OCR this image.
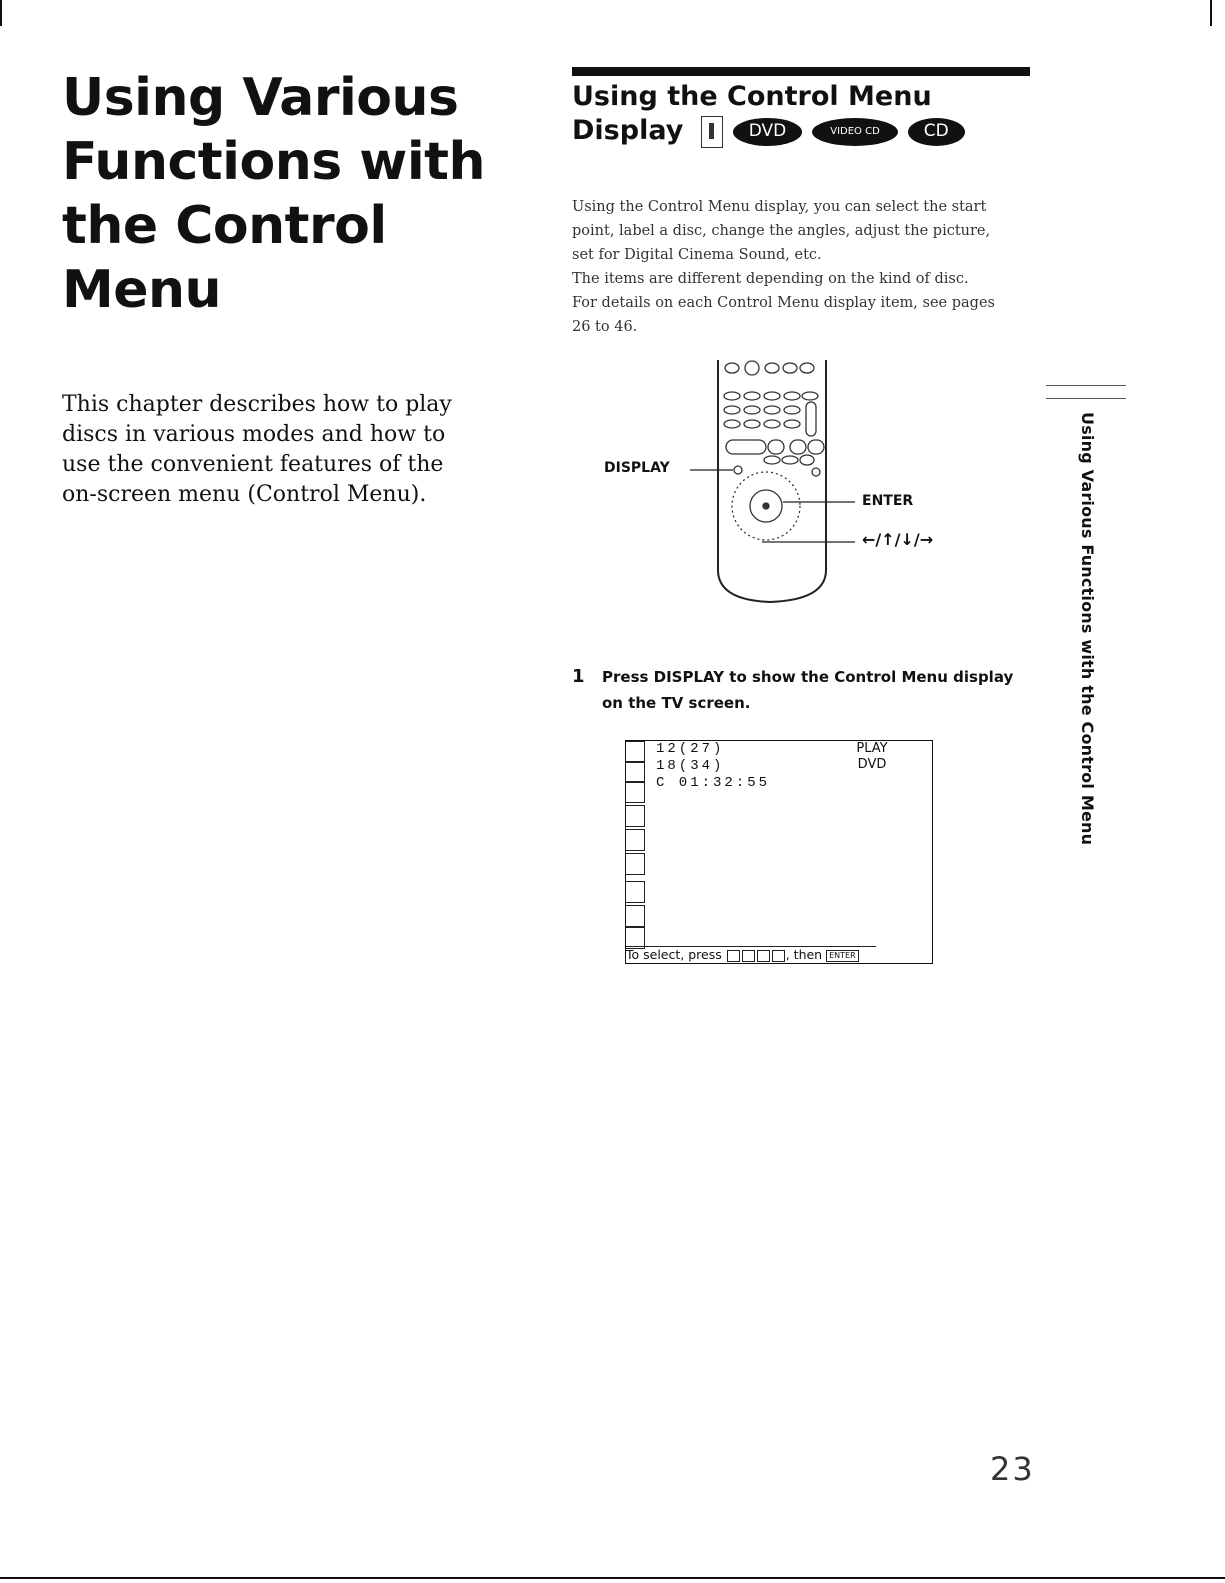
Using Various
Functions with
the Control
Menu
This chapter describes how to play discs in various modes and how to use the convenient features of the on-screen menu (Control Menu).
Using the Control Menu
Display	DVD	VIDEO CD	CD
Using the Control Menu display, you can select the start
point, label a disc, change the angles, adjust the picture,
set for Digital Cinema Sound, etc.
The items are different depending on the kind of disc.
For details on each Control Menu display item, see pages
26 to 46.
DISPLAY
ENTER
←/↑/↓/→
1 Press DISPLAY to show the Control Menu display on the TV screen.
12(27)
18(34)
C 01:32:55
PLAY
DVD
To select, press	, then ENTER
Using Various Functions with the Control Menu
23
